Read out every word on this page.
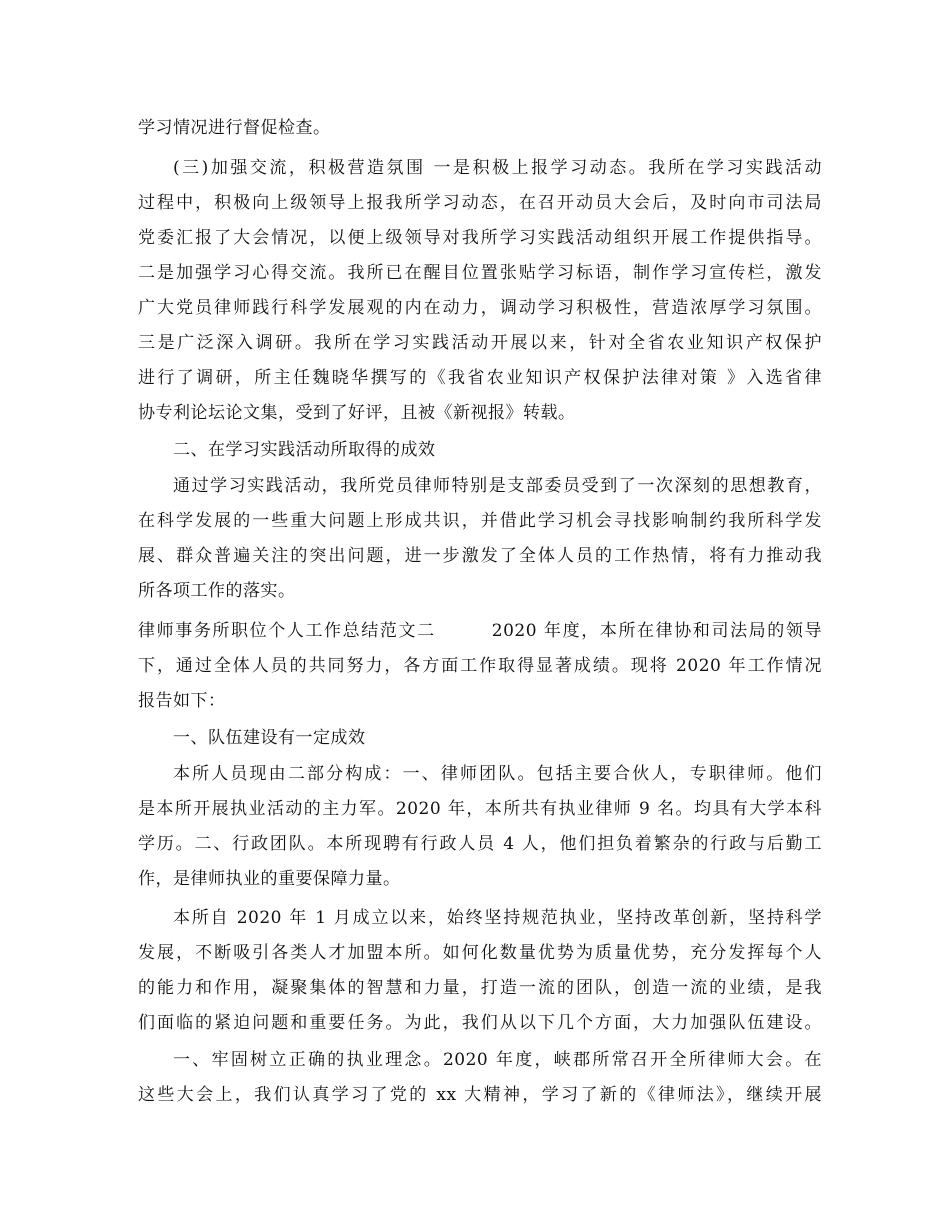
学习情况进行督促检查。
(三)加强交流，积极营造氛围 一是积极上报学习动态。我所在学习实践活动
过程中，积极向上级领导上报我所学习动态，在召开动员大会后，及时向市司法局
党委汇报了大会情况，以便上级领导对我所学习实践活动组织开展工作提供指导。
二是加强学习心得交流。我所已在醒目位置张贴学习标语，制作学习宣传栏，激发
广大党员律师践行科学发展观的内在动力，调动学习积极性，营造浓厚学习氛围。
三是广泛深入调研。我所在学习实践活动开展以来，针对全省农业知识产权保护
进行了调研，所主任魏晓华撰写的《我省农业知识产权保护法律对策 》入选省律
协专利论坛论文集，受到了好评，且被《新视报》转载。
二、在学习实践活动所取得的成效
通过学习实践活动，我所党员律师特别是支部委员受到了一次深刻的思想教育，
在科学发展的一些重大问题上形成共识，并借此学习机会寻找影响制约我所科学发
展、群众普遍关注的突出问题，进一步激发了全体人员的工作热情，将有力推动我
所各项工作的落实。
律师事务所职位个人工作总结范文二        2020 年度，本所在律协和司法局的领导
下，通过全体人员的共同努力，各方面工作取得显著成绩。现将 2020 年工作情况
报告如下：
一、队伍建设有一定成效
本所人员现由二部分构成：一、律师团队。包括主要合伙人，专职律师。他们
是本所开展执业活动的主力军。2020 年，本所共有执业律师 9 名。均具有大学本科
学历。二、行政团队。本所现聘有行政人员 4 人，他们担负着繁杂的行政与后勤工
作，是律师执业的重要保障力量。
本所自 2020 年 1 月成立以来，始终坚持规范执业，坚持改革创新，坚持科学
发展，不断吸引各类人才加盟本所。如何化数量优势为质量优势，充分发挥每个人
的能力和作用，凝聚集体的智慧和力量，打造一流的团队，创造一流的业绩，是我
们面临的紧迫问题和重要任务。为此，我们从以下几个方面，大力加强队伍建设。
一、牢固树立正确的执业理念。2020 年度，峡郡所常召开全所律师大会。在
这些大会上，我们认真学习了党的 xx 大精神，学习了新的《律师法》，继续开展
